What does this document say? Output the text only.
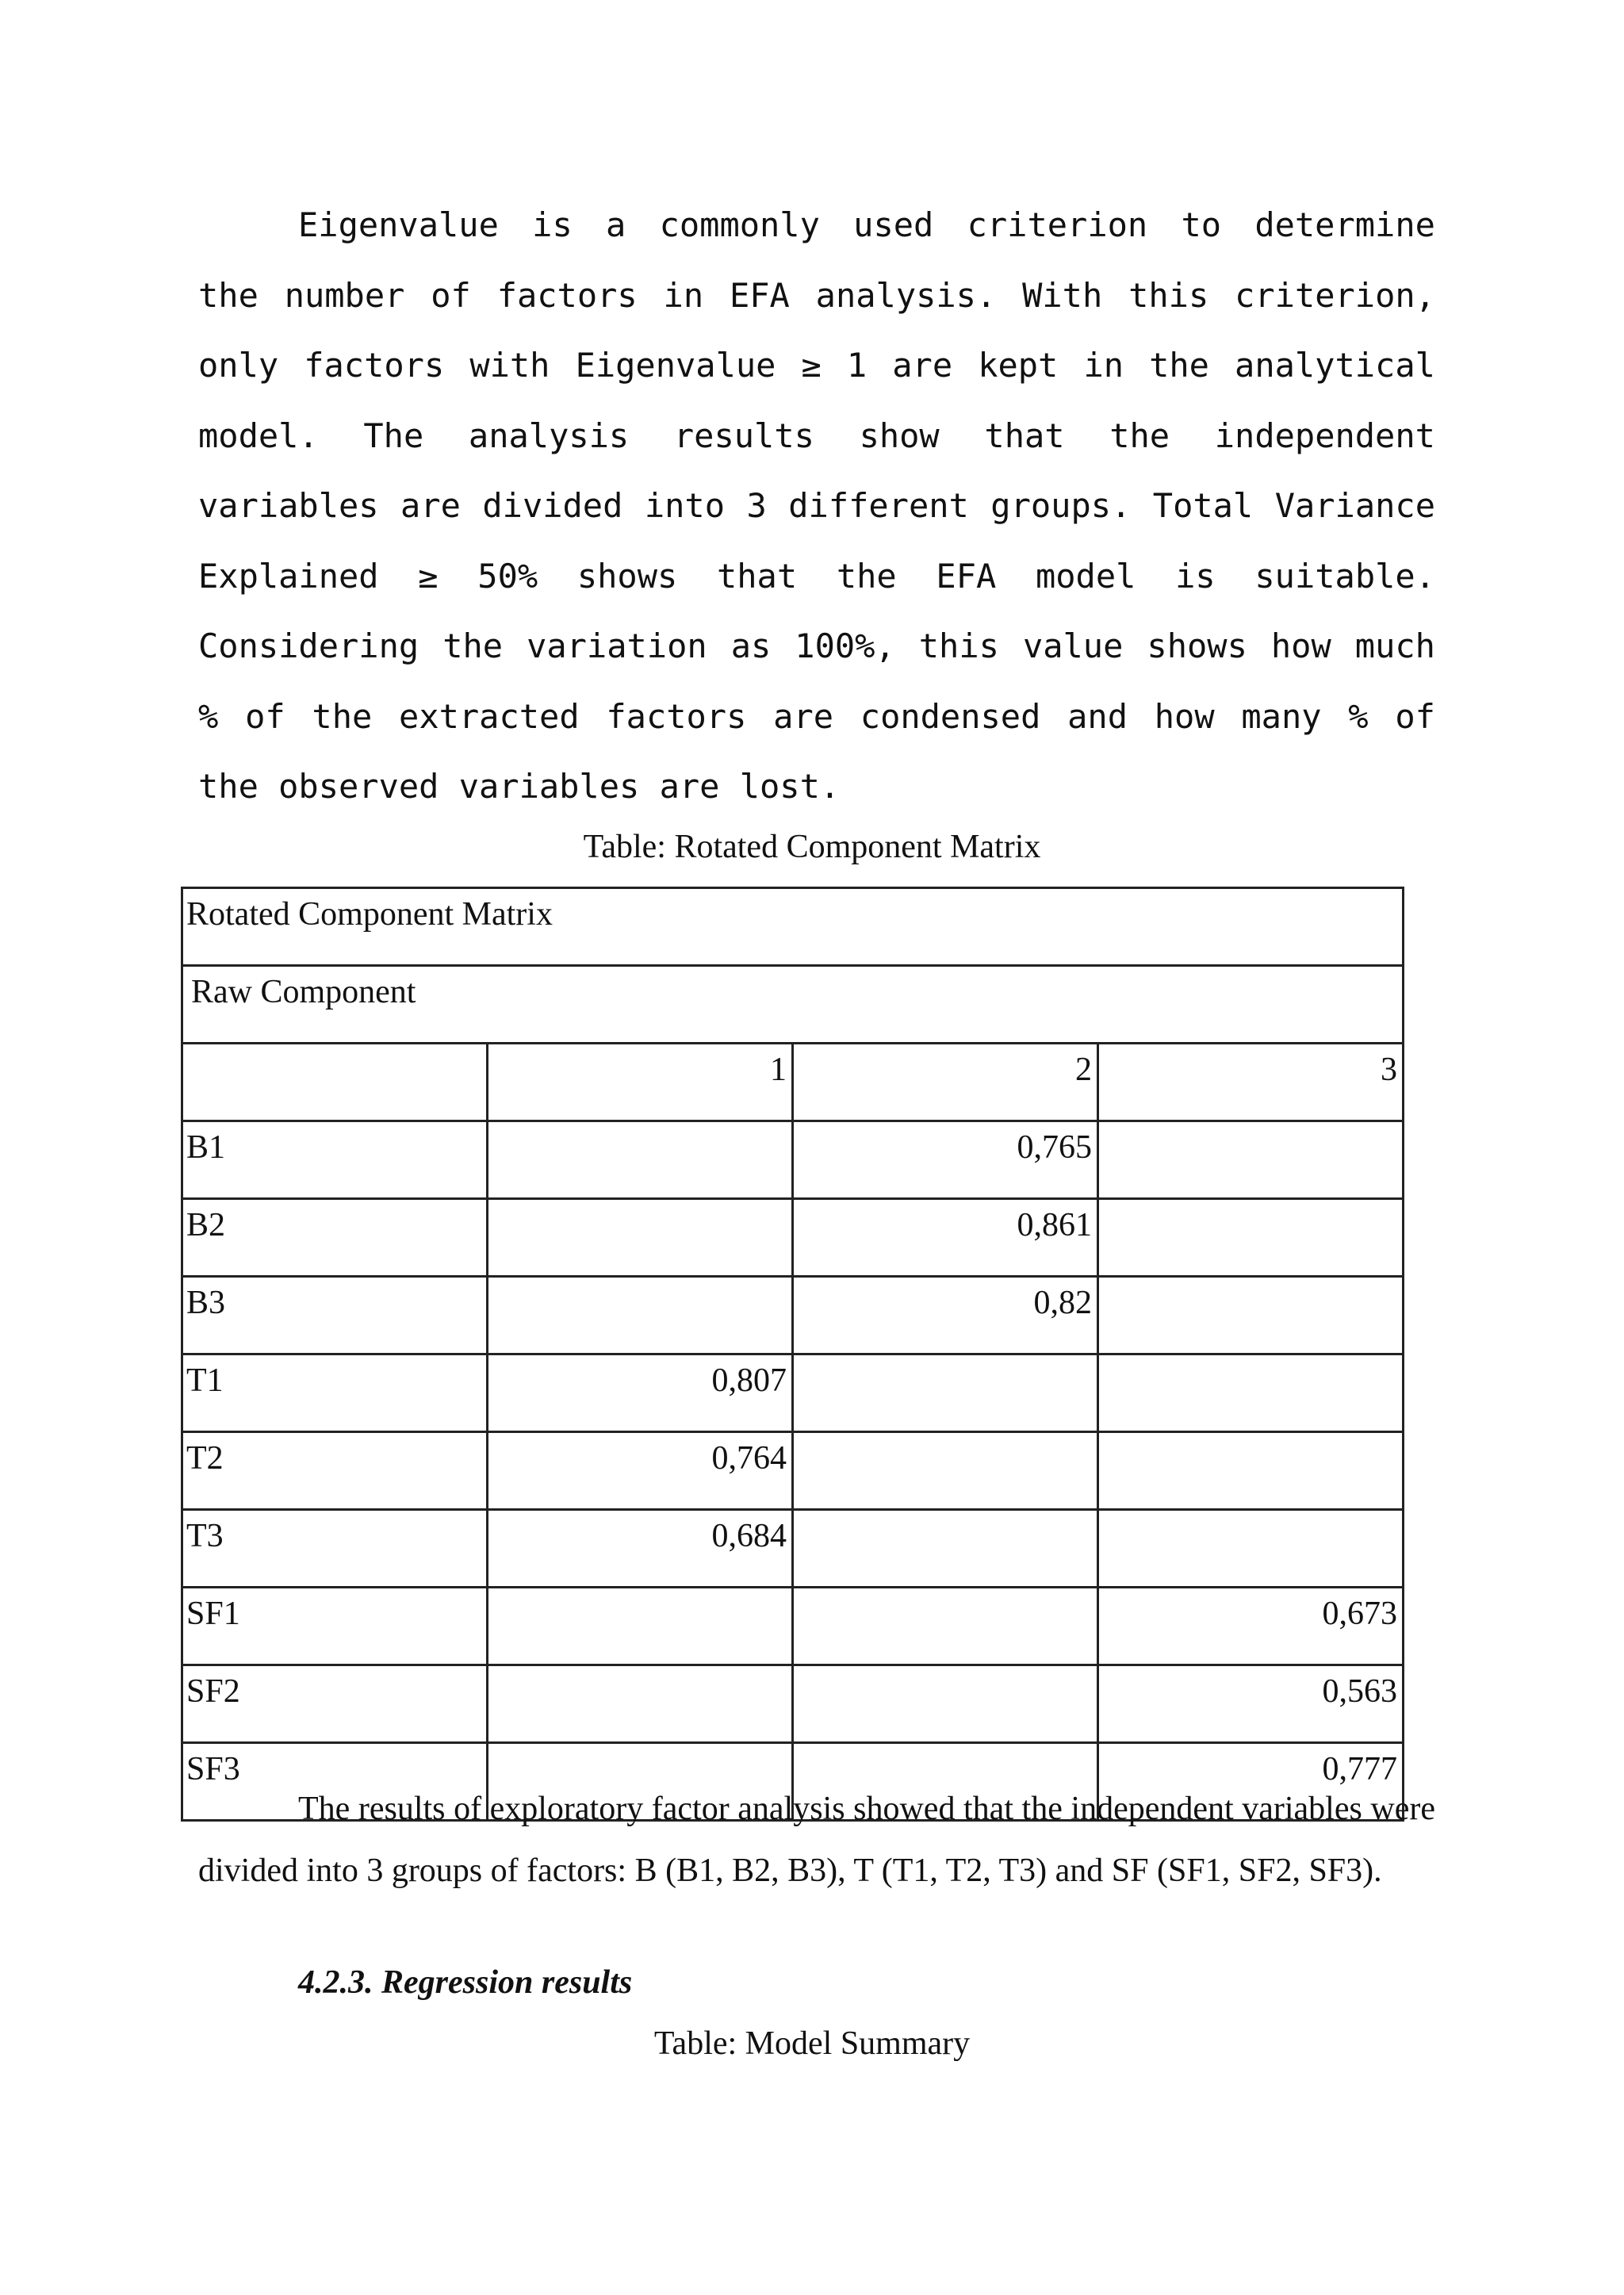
Eigenvalue is a commonly used criterion to determine
the number of factors in EFA analysis. With this criterion,
only factors with Eigenvalue ≥ 1 are kept in the analytical
model. The analysis results show that the independent
variables are divided into 3 different groups. Total Variance
Explained ≥ 50% shows that the EFA model is suitable.
Considering the variation as 100%, this value shows how much
% of the extracted factors are condensed and how many % of
the observed variables are lost.
Table: Rotated Component Matrix
Rotated Component Matrix			
Raw Component			
	1	2	3
B1		0,765	
B2		0,861	
B3		0,82	
T1	0,807		
T2	0,764		
T3	0,684		
SF1			0,673
SF2			0,563
SF3			0,777

The results of exploratory factor analysis showed that the independent variables were divided into 3 groups of factors: B (B1, B2, B3), T (T1, T2, T3) and SF (SF1, SF2, SF3).

4.2.3. Regression results

Table: Model Summary
